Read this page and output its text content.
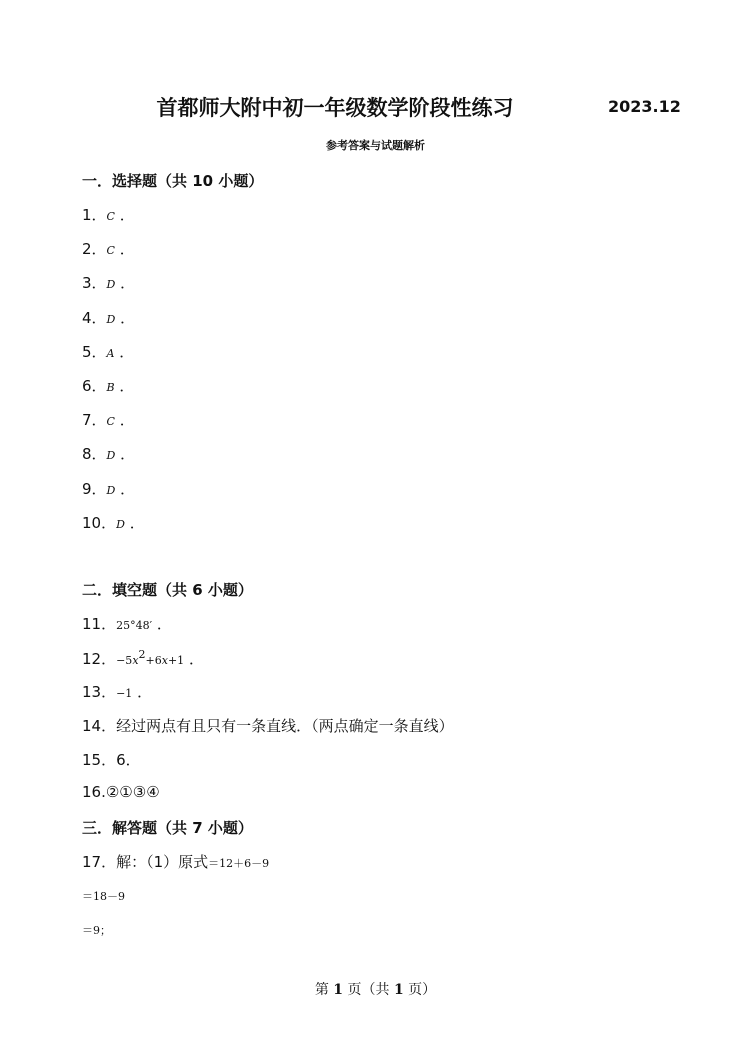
首都师大附中初一年级数学阶段性练习	2023.12
参考答案与试题解析
一．选择题（共 10 小题）
1．C ．
2．C ．
3．D ．
4．D ．
5．A ．
6．B ．
7．C ．
8．D ．
9．D ．
10．D ．
二．填空题（共 6 小题）
11．25°48′ ．
12．$-5x^2+6x+1$ ．
13．−1 ．
14．经过两点有且只有一条直线．（两点确定一条直线）
15．6．
16.②①③④
三．解答题（共 7 小题）
17．解：（1）原式＝12＋6－9
＝18－9
＝9；
第 1 页（共 1 页）
